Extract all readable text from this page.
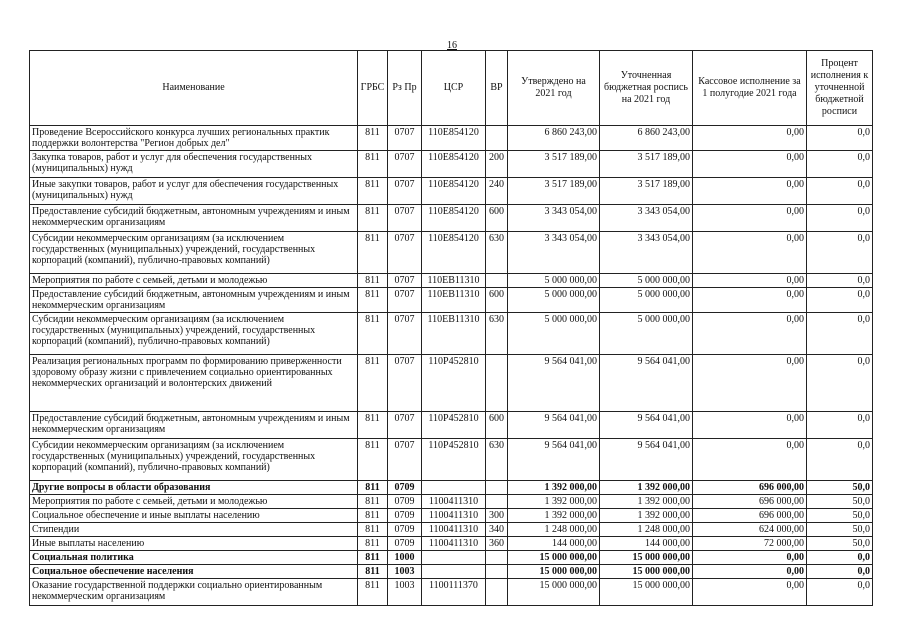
16
Наименование	ГРБС	Рз Пр	ЦСР	ВР	Утверждено на 2021 год	Уточненная бюджетная роспись на 2021 год	Кассовое исполнение за 1 полугодие 2021 года	Процент исполнения к уточненной бюджетной росписи
Проведение Всероссийского конкурса лучших региональных практик поддержки волонтерства "Регион добрых дел"	811	0707	110E854120		6 860 243,00	6 860 243,00	0,00	0,0
Закупка товаров, работ и услуг для обеспечения государственных (муниципальных) нужд	811	0707	110E854120	200	3 517 189,00	3 517 189,00	0,00	0,0
Иные закупки товаров, работ и услуг для обеспечения государственных (муниципальных) нужд	811	0707	110E854120	240	3 517 189,00	3 517 189,00	0,00	0,0
Предоставление субсидий бюджетным, автономным учреждениям и иным некоммерческим организациям	811	0707	110E854120	600	3 343 054,00	3 343 054,00	0,00	0,0
Субсидии некоммерческим организациям (за исключением государственных (муниципальных) учреждений, государственных корпораций (компаний), публично-правовых компаний)	811	0707	110E854120	630	3 343 054,00	3 343 054,00	0,00	0,0
Мероприятия по работе с семьей, детьми и молодежью	811	0707	110EB11310		5 000 000,00	5 000 000,00	0,00	0,0
Предоставление субсидий бюджетным, автономным учреждениям и иным некоммерческим организациям	811	0707	110EB11310	600	5 000 000,00	5 000 000,00	0,00	0,0
Субсидии некоммерческим организациям (за исключением государственных (муниципальных) учреждений, государственных корпораций (компаний), публично-правовых компаний)	811	0707	110EB11310	630	5 000 000,00	5 000 000,00	0,00	0,0
Реализация региональных программ по формированию приверженности здоровому образу жизни с привлечением социально ориентированных некоммерческих организаций и волонтерских движений	811	0707	110P452810		9 564 041,00	9 564 041,00	0,00	0,0
Предоставление субсидий бюджетным, автономным учреждениям и иным некоммерческим организациям	811	0707	110P452810	600	9 564 041,00	9 564 041,00	0,00	0,0
Субсидии некоммерческим организациям (за исключением государственных (муниципальных) учреждений, государственных корпораций (компаний), публично-правовых компаний)	811	0707	110P452810	630	9 564 041,00	9 564 041,00	0,00	0,0
Другие вопросы в области образования	811	0709			1 392 000,00	1 392 000,00	696 000,00	50,0
Мероприятия по работе с семьей, детьми и молодежью	811	0709	1100411310		1 392 000,00	1 392 000,00	696 000,00	50,0
Социальное обеспечение и иные выплаты населению	811	0709	1100411310	300	1 392 000,00	1 392 000,00	696 000,00	50,0
Стипендии	811	0709	1100411310	340	1 248 000,00	1 248 000,00	624 000,00	50,0
Иные выплаты населению	811	0709	1100411310	360	144 000,00	144 000,00	72 000,00	50,0
Социальная политика	811	1000			15 000 000,00	15 000 000,00	0,00	0,0
Социальное обеспечение населения	811	1003			15 000 000,00	15 000 000,00	0,00	0,0
Оказание государственной поддержки социально ориентированным некоммерческим организациям	811	1003	1100111370		15 000 000,00	15 000 000,00	0,00	0,0
